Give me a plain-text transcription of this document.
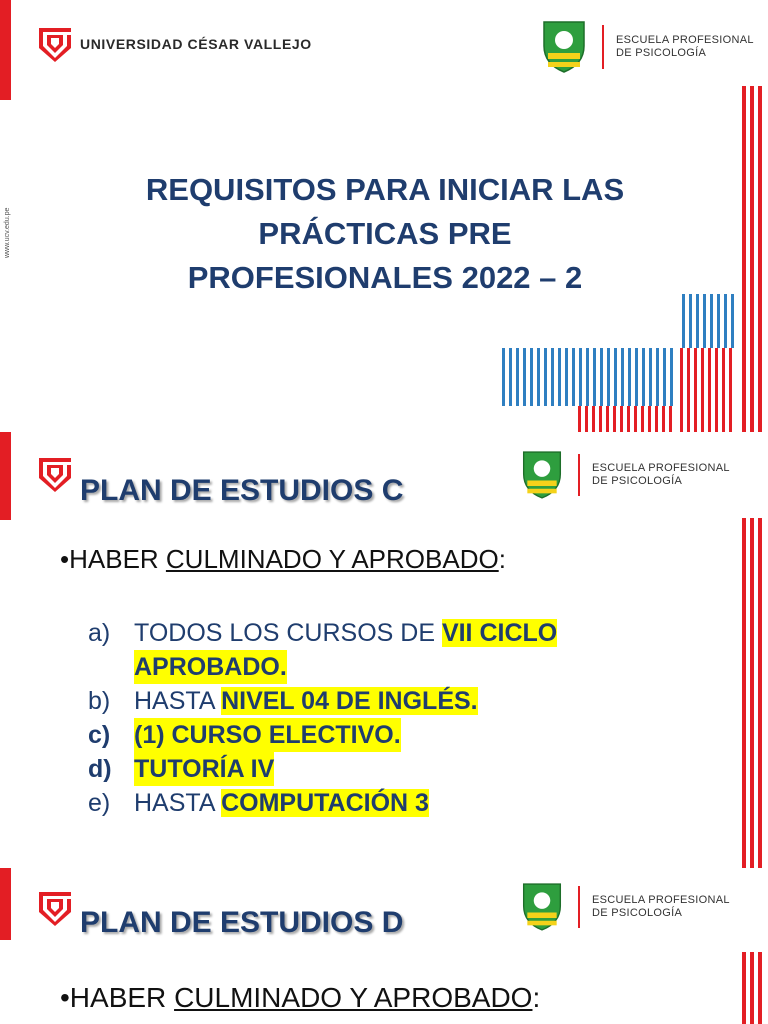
UNIVERSIDAD CÉSAR VALLEJO	ESCUELA PROFESIONAL
DE PSICOLOGÍA
www.ucv.edu.pe
REQUISITOS PARA INICIAR LAS
PRÁCTICAS PRE
PROFESIONALES 2022 – 2
ESCUELA PROFESIONAL
DE PSICOLOGÍA
PLAN DE ESTUDIOS C
•HABER CULMINADO Y APROBADO:
a) TODOS LOS CURSOS DE VII CICLO
APROBADO.
b) HASTA NIVEL 04 DE INGLÉS.
c) (1) CURSO ELECTIVO.
d) TUTORÍA IV
e) HASTA COMPUTACIÓN 3
ESCUELA PROFESIONAL
DE PSICOLOGÍA
PLAN DE ESTUDIOS D
•HABER CULMINADO Y APROBADO:
